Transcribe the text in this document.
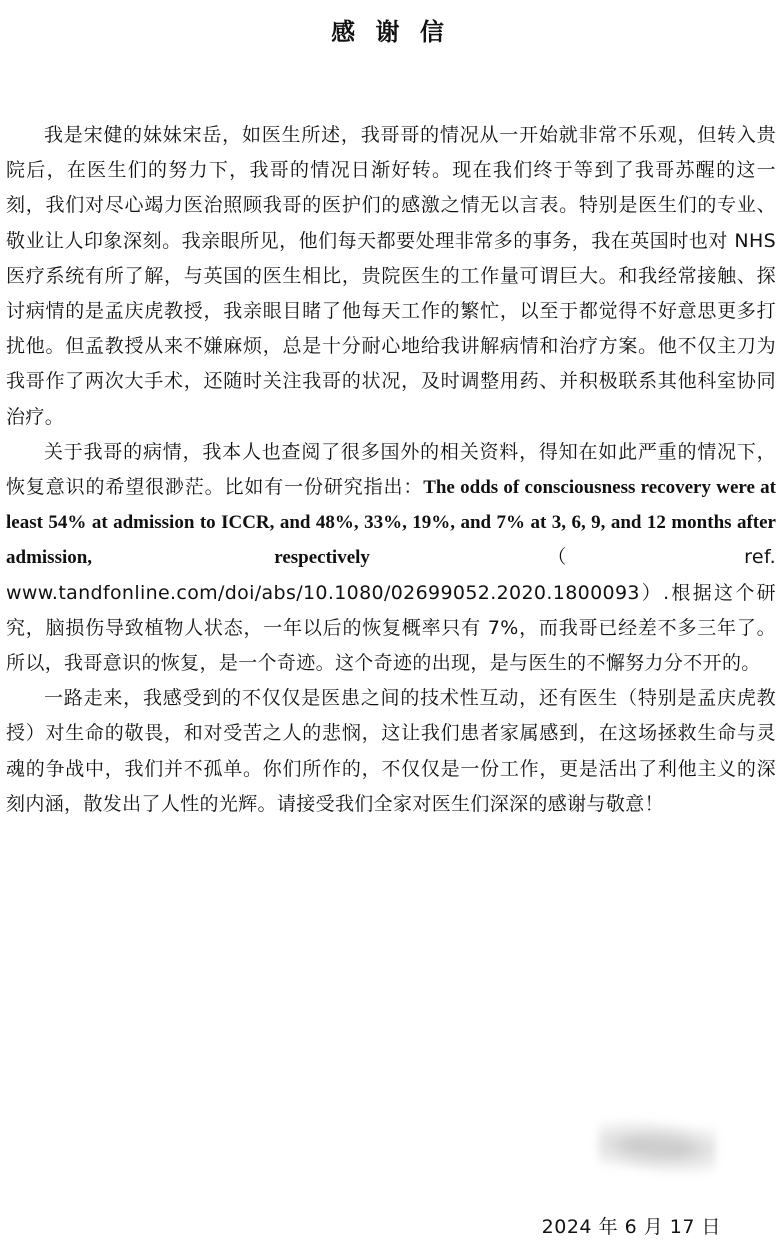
感 谢 信

我是宋健的妹妹宋岳，如医生所述，我哥哥的情况从一开始就非常不乐观，但转入贵院后，在医生们的努力下，我哥的情况日渐好转。现在我们终于等到了我哥苏醒的这一刻，我们对尽心竭力医治照顾我哥的医护们的感激之情无以言表。特别是医生们的专业、敬业让人印象深刻。我亲眼所见，他们每天都要处理非常多的事务，我在英国时也对 NHS 医疗系统有所了解，与英国的医生相比，贵院医生的工作量可谓巨大。和我经常接触、探讨病情的是孟庆虎教授，我亲眼目睹了他每天工作的繁忙，以至于都觉得不好意思更多打扰他。但孟教授从来不嫌麻烦，总是十分耐心地给我讲解病情和治疗方案。他不仅主刀为我哥作了两次大手术，还随时关注我哥的状况，及时调整用药、并积极联系其他科室协同治疗。

关于我哥的病情，我本人也查阅了很多国外的相关资料，得知在如此严重的情况下，恢复意识的希望很渺茫。比如有一份研究指出：The odds of consciousness recovery were at least 54% at admission to ICCR, and 48%, 33%, 19%, and 7% at 3, 6, 9, and 12 months after admission, respectively（ref. www.tandfonline.com/doi/abs/10.1080/02699052.2020.1800093）.根据这个研究，脑损伤导致植物人状态，一年以后的恢复概率只有 7%，而我哥已经差不多三年了。所以，我哥意识的恢复，是一个奇迹。这个奇迹的出现，是与医生的不懈努力分不开的。

一路走来，我感受到的不仅仅是医患之间的技术性互动，还有医生（特别是孟庆虎教授）对生命的敬畏，和对受苦之人的悲悯，这让我们患者家属感到，在这场拯救生命与灵魂的争战中，我们并不孤单。你们所作的，不仅仅是一份工作，更是活出了利他主义的深刻内涵，散发出了人性的光辉。请接受我们全家对医生们深深的感谢与敬意！

2024 年 6 月 17 日
